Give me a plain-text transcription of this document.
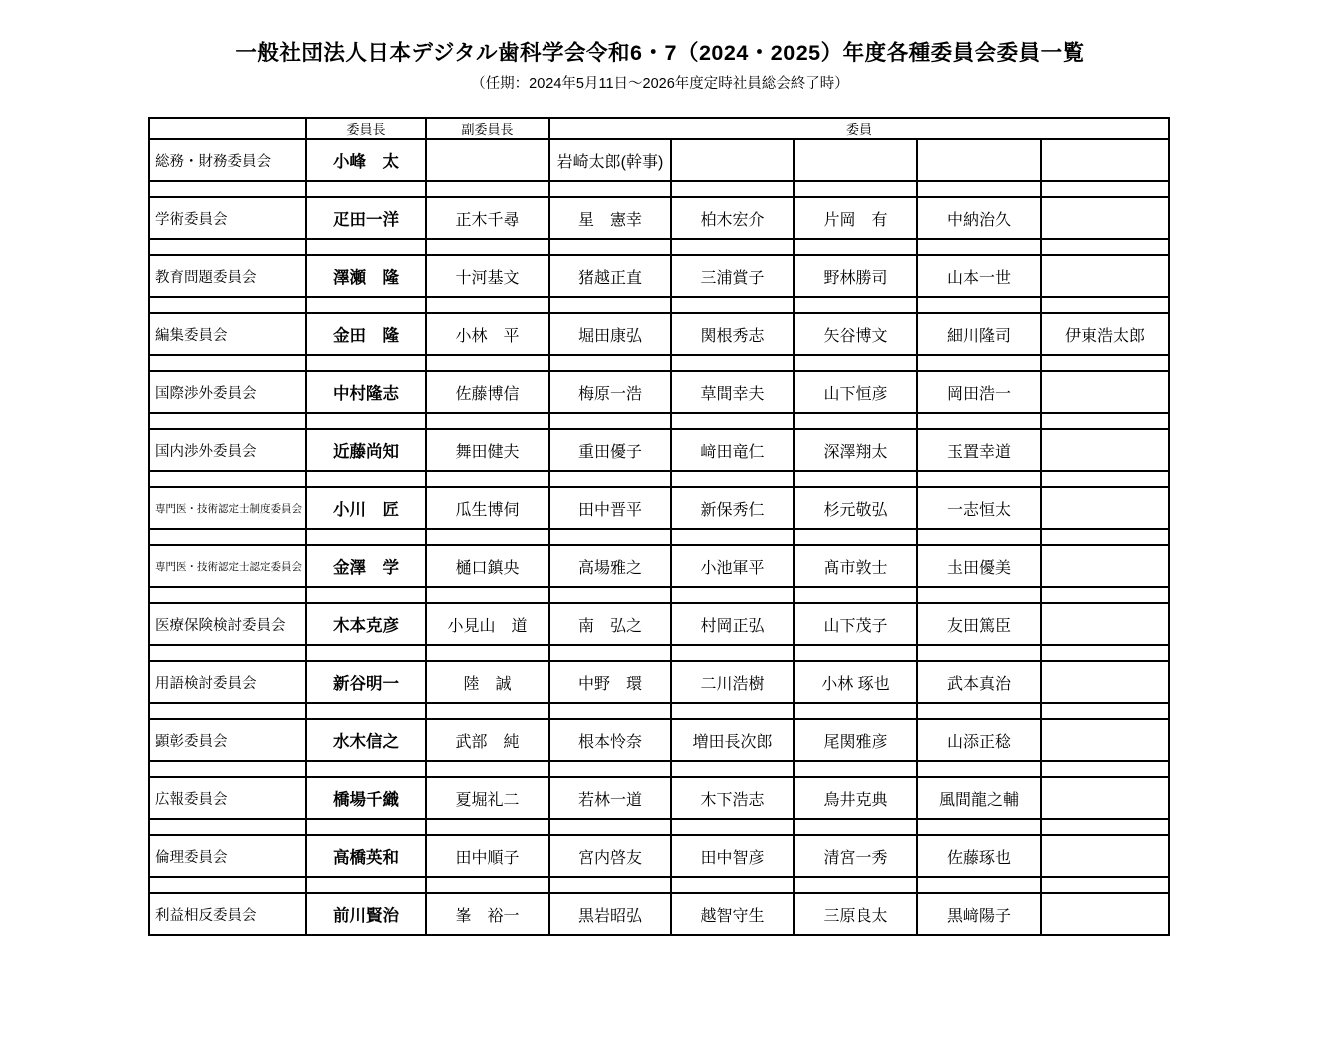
一般社団法人日本デジタル歯科学会令和6・7（2024・2025）年度各種委員会委員一覧
（任期：2024年5月11日～2026年度定時社員総会終了時）
	委員長	副委員長	委員				
総務・財務委員会	小峰　太		岩崎太郎(幹事)				

学術委員会	疋田一洋	正木千尋	星　憲幸	柏木宏介	片岡　有	中納治久	

教育問題委員会	澤瀬　隆	十河基文	猪越正直	三浦賞子	野林勝司	山本一世	

編集委員会	金田　隆	小林　平	堀田康弘	関根秀志	矢谷博文	細川隆司	伊東浩太郎

国際渉外委員会	中村隆志	佐藤博信	梅原一浩	草間幸夫	山下恒彦	岡田浩一	

国内渉外委員会	近藤尚知	舞田健夫	重田優子	﨑田竜仁	深澤翔太	玉置幸道	

専門医・技術認定士制度委員会	小川　匠	瓜生博伺	田中晋平	新保秀仁	杉元敬弘	一志恒太	

専門医・技術認定士認定委員会	金澤　学	樋口鎮央	高場雅之	小池軍平	髙市敦士	圡田優美	

医療保険検討委員会	木本克彦	小見山　道	南　弘之	村岡正弘	山下茂子	友田篤臣	

用語検討委員会	新谷明一	陸　誠	中野　環	二川浩樹	小林 琢也	武本真治	

顕彰委員会	水木信之	武部　純	根本怜奈	増田長次郎	尾関雅彦	山添正稔	

広報委員会	橋場千織	夏堀礼二	若林一道	木下浩志	鳥井克典	風間龍之輔	

倫理委員会	高橋英和	田中順子	宮内啓友	田中智彦	清宮一秀	佐藤琢也	

利益相反委員会	前川賢治	峯　裕一	黒岩昭弘	越智守生	三原良太	黒﨑陽子	
